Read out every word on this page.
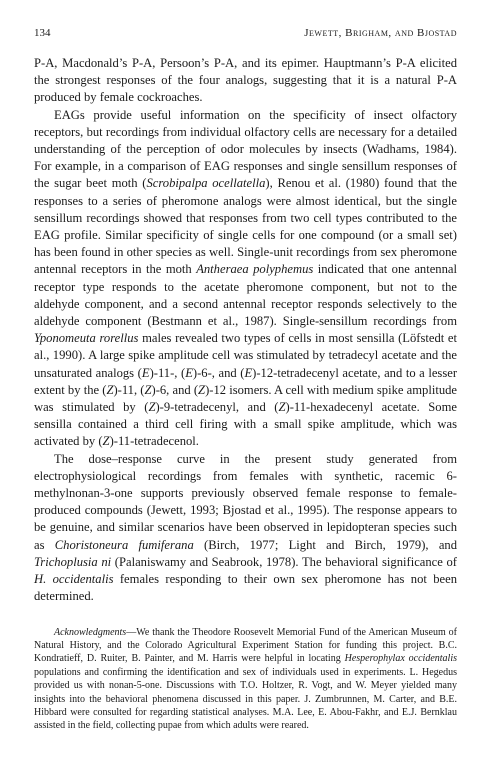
134	Jewett, Brigham, and Bjostad

P-A, Macdonald’s P-A, Persoon’s P-A, and its epimer. Hauptmann’s P-A elicited the strongest responses of the four analogs, suggesting that it is a natural P-A produced by female cockroaches.

EAGs provide useful information on the specificity of insect olfactory receptors, but recordings from individual olfactory cells are necessary for a detailed understanding of the perception of odor molecules by insects (Wadhams, 1984). For example, in a comparison of EAG responses and single sensillum responses of the sugar beet moth (Scrobipalpa ocellatella), Renou et al. (1980) found that the responses to a series of pheromone analogs were almost identical, but the single sensillum recordings showed that responses from two cell types contributed to the EAG profile. Similar specificity of single cells for one compound (or a small set) has been found in other species as well. Single-unit recordings from sex pheromone antennal receptors in the moth Antheraea polyphemus indicated that one antennal receptor type responds to the acetate pheromone component, but not to the aldehyde component, and a second antennal receptor responds selectively to the aldehyde component (Bestmann et al., 1987). Single-sensillum recordings from Yponomeuta rorellus males revealed two types of cells in most sensilla (Löfstedt et al., 1990). A large spike amplitude cell was stimulated by tetradecyl acetate and the unsaturated analogs (E)-11-, (E)-6-, and (E)-12-tetradecenyl acetate, and to a lesser extent by the (Z)-11, (Z)-6, and (Z)-12 isomers. A cell with medium spike amplitude was stimulated by (Z)-9-tetradecenyl, and (Z)-11-hexadecenyl acetate. Some sensilla contained a third cell firing with a small spike amplitude, which was activated by (Z)-11-tetradecenol.

The dose–response curve in the present study generated from electrophysiological recordings from females with synthetic, racemic 6-methylnonan-3-one supports previously observed female response to female-produced compounds (Jewett, 1993; Bjostad et al., 1995). The response appears to be genuine, and similar scenarios have been observed in lepidopteran species such as Choristoneura fumiferana (Birch, 1977; Light and Birch, 1979), and Trichoplusia ni (Palaniswamy and Seabrook, 1978). The behavioral significance of H. occidentalis females responding to their own sex pheromone has not been determined.

Acknowledgments—We thank the Theodore Roosevelt Memorial Fund of the American Museum of Natural History, and the Colorado Agricultural Experiment Station for funding this project. B.C. Kondratieff, D. Ruiter, B. Painter, and M. Harris were helpful in locating Hesperophylax occidentalis populations and confirming the identification and sex of individuals used in experiments. L. Hegedus provided us with nonan-5-one. Discussions with T.O. Holtzer, R. Vogt, and W. Meyer yielded many insights into the behavioral phenomena discussed in this paper. J. Zumbrunnen, M. Carter, and B.E. Hibbard were consulted for regarding statistical analyses. M.A. Lee, E. Abou-Fakhr, and E.J. Bernklau assisted in the field, collecting pupae from which adults were reared.
